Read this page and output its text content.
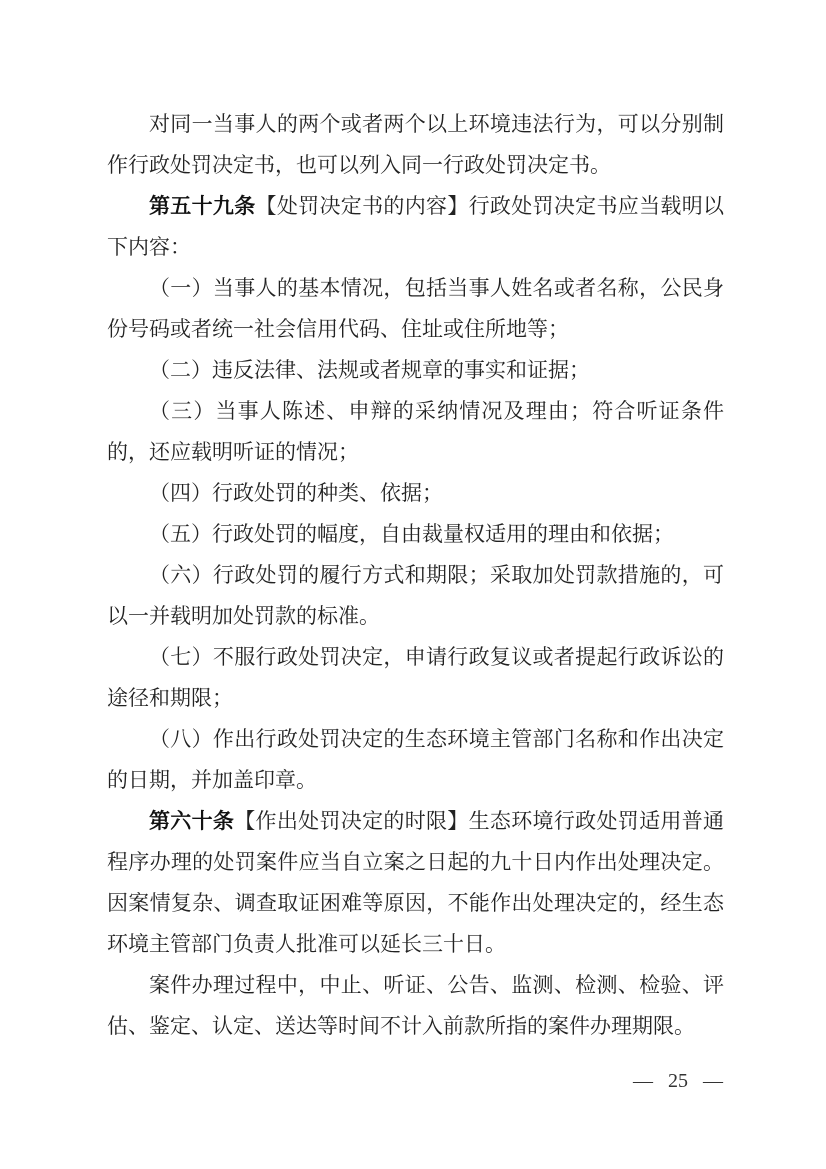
对同一当事人的两个或者两个以上环境违法行为，可以分别制作行政处罚决定书，也可以列入同一行政处罚决定书。

第五十九条【处罚决定书的内容】行政处罚决定书应当载明以下内容：

（一）当事人的基本情况，包括当事人姓名或者名称，公民身份号码或者统一社会信用代码、住址或住所地等；

（二）违反法律、法规或者规章的事实和证据；

（三）当事人陈述、申辩的采纳情况及理由；符合听证条件的，还应载明听证的情况；

（四）行政处罚的种类、依据；

（五）行政处罚的幅度，自由裁量权适用的理由和依据；

（六）行政处罚的履行方式和期限；采取加处罚款措施的，可以一并载明加处罚款的标准。

（七）不服行政处罚决定，申请行政复议或者提起行政诉讼的途径和期限；

（八）作出行政处罚决定的生态环境主管部门名称和作出决定的日期，并加盖印章。

第六十条【作出处罚决定的时限】生态环境行政处罚适用普通程序办理的处罚案件应当自立案之日起的九十日内作出处理决定。因案情复杂、调查取证困难等原因，不能作出处理决定的，经生态环境主管部门负责人批准可以延长三十日。

案件办理过程中，中止、听证、公告、监测、检测、检验、评估、鉴定、认定、送达等时间不计入前款所指的案件办理期限。

— 25 —
